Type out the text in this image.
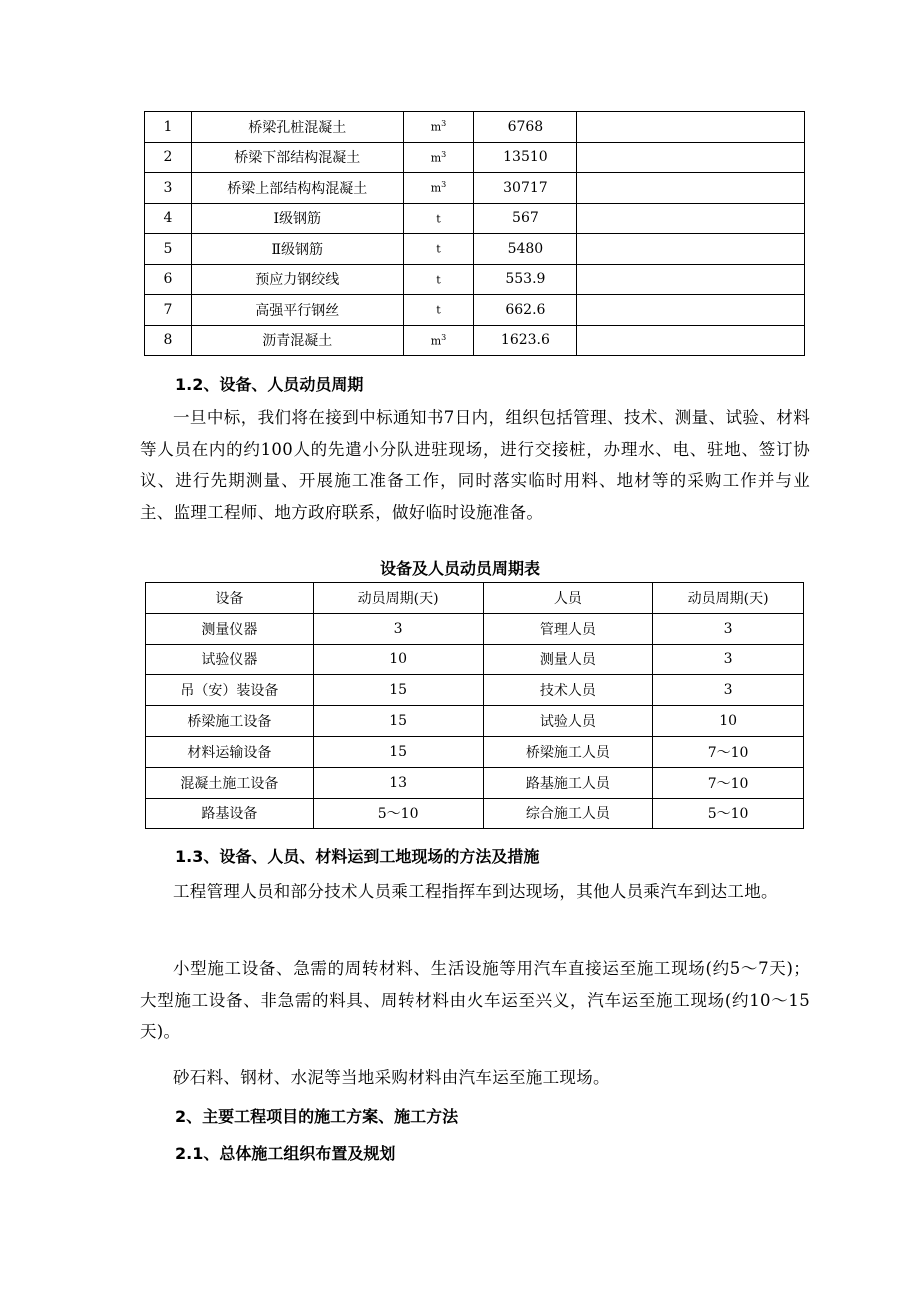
1	桥梁孔桩混凝土	$m^3$	6768	
2	桥梁下部结构混凝土	$m^3$	13510	
3	桥梁上部结构构混凝土	$m^3$	30717	
4	Ⅰ级钢筋	t	567	
5	Ⅱ级钢筋	t	5480	
6	预应力钢绞线	t	553.9	
7	高强平行钢丝	t	662.6	
8	沥青混凝土	$m^3$	1623.6	
1.2、设备、人员动员周期

一旦中标，我们将在接到中标通知书7日内，组织包括管理、技术、测量、试验、材料等人员在内的约100人的先遣小分队进驻现场，进行交接桩，办理水、电、驻地、签订协议、进行先期测量、开展施工准备工作，同时落实临时用料、地材等的采购工作并与业主、监理工程师、地方政府联系，做好临时设施准备。

设备及人员动员周期表
设备	动员周期(天)	人员	动员周期(天)
测量仪器	3	管理人员	3
试验仪器	10	测量人员	3
吊（安）装设备	15	技术人员	3
桥梁施工设备	15	试验人员	10
材料运输设备	15	桥梁施工人员	7～10
混凝土施工设备	13	路基施工人员	7～10
路基设备	5～10	综合施工人员	5～10
1.3、设备、人员、材料运到工地现场的方法及措施

工程管理人员和部分技术人员乘工程指挥车到达现场，其他人员乘汽车到达工地。

小型施工设备、急需的周转材料、生活设施等用汽车直接运至施工现场(约5～7天)；大型施工设备、非急需的料具、周转材料由火车运至兴义，汽车运至施工现场(约10～15天)。

砂石料、钢材、水泥等当地采购材料由汽车运至施工现场。

2、主要工程项目的施工方案、施工方法
2.1、总体施工组织布置及规划
